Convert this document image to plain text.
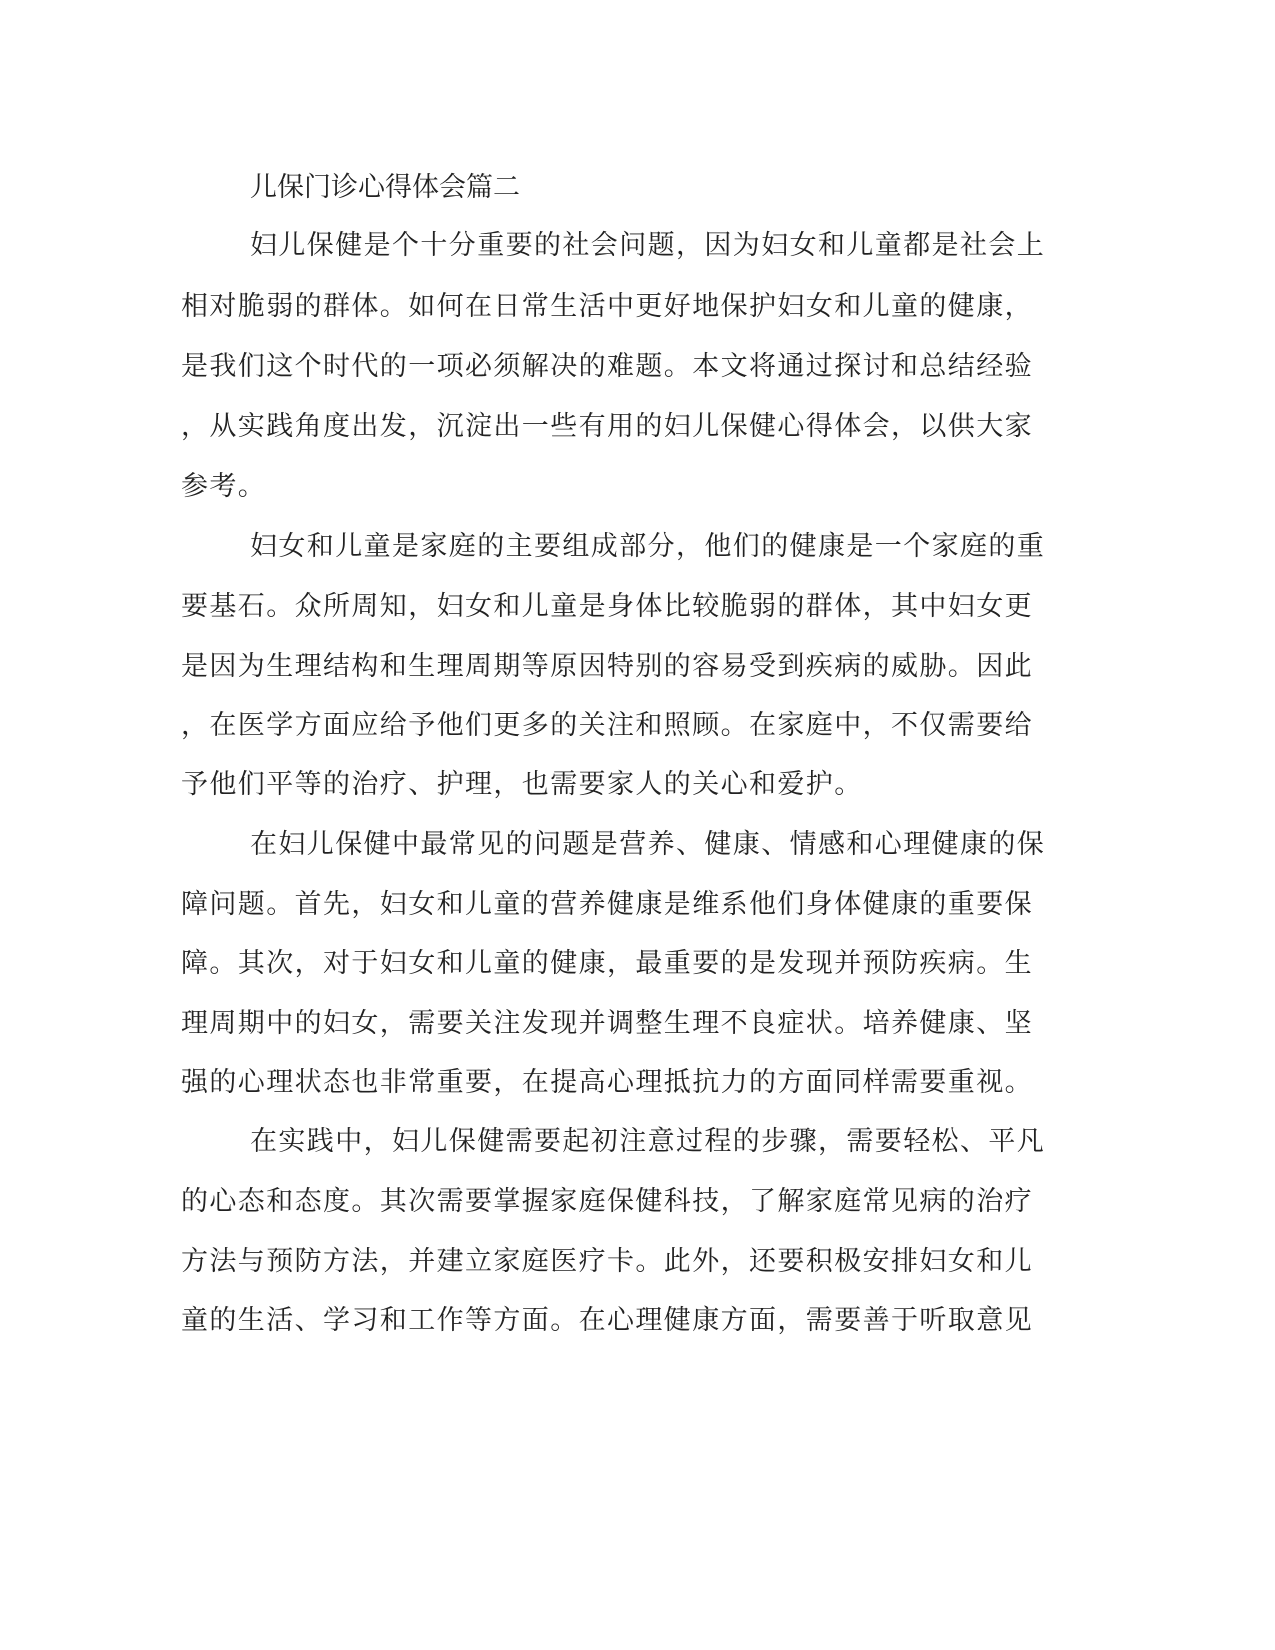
儿保门诊心得体会篇二

妇儿保健是个十分重要的社会问题，因为妇女和儿童都是社会上

相对脆弱的群体。如何在日常生活中更好地保护妇女和儿童的健康，

是我们这个时代的一项必须解决的难题。本文将通过探讨和总结经验

，从实践角度出发，沉淀出一些有用的妇儿保健心得体会，以供大家

参考。

妇女和儿童是家庭的主要组成部分，他们的健康是一个家庭的重

要基石。众所周知，妇女和儿童是身体比较脆弱的群体，其中妇女更

是因为生理结构和生理周期等原因特别的容易受到疾病的威胁。因此

，在医学方面应给予他们更多的关注和照顾。在家庭中，不仅需要给

予他们平等的治疗、护理，也需要家人的关心和爱护。

在妇儿保健中最常见的问题是营养、健康、情感和心理健康的保

障问题。首先，妇女和儿童的营养健康是维系他们身体健康的重要保

障。其次，对于妇女和儿童的健康，最重要的是发现并预防疾病。生

理周期中的妇女，需要关注发现并调整生理不良症状。培养健康、坚

强的心理状态也非常重要，在提高心理抵抗力的方面同样需要重视。

在实践中，妇儿保健需要起初注意过程的步骤，需要轻松、平凡

的心态和态度。其次需要掌握家庭保健科技，了解家庭常见病的治疗

方法与预防方法，并建立家庭医疗卡。此外，还要积极安排妇女和儿

童的生活、学习和工作等方面。在心理健康方面，需要善于听取意见
